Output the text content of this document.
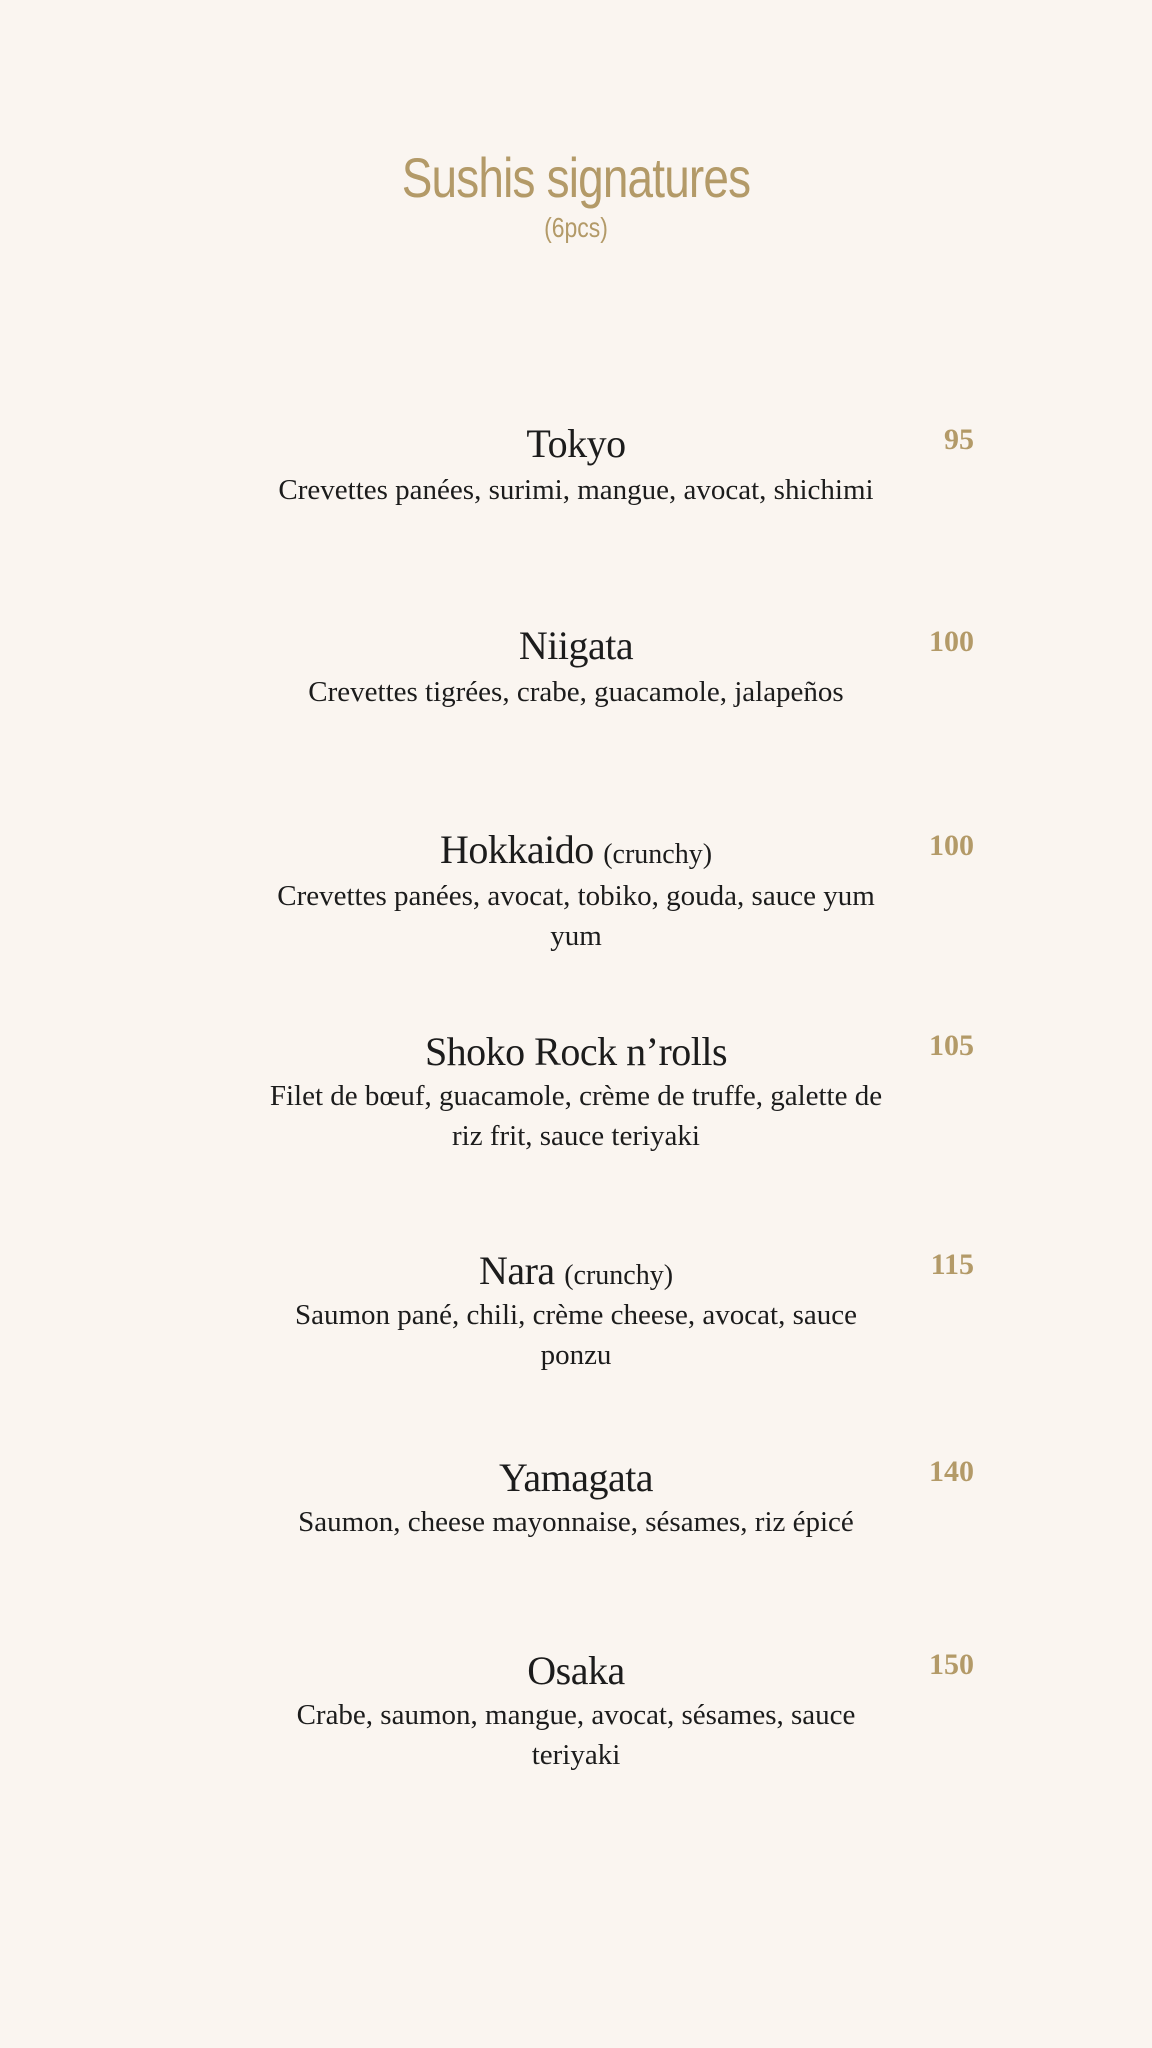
Sushis signatures
(6pcs)
Tokyo	95
Crevettes panées, surimi, mangue, avocat, shichimi
Niigata	100
Crevettes tigrées, crabe, guacamole, jalapeños
Hokkaido (crunchy)	100
Crevettes panées, avocat, tobiko, gouda, sauce yum yum
Shoko Rock n’rolls	105
Filet de bœuf, guacamole, crème de truffe, galette de riz frit, sauce teriyaki
Nara (crunchy)	115
Saumon pané, chili, crème cheese, avocat, sauce ponzu
Yamagata	140
Saumon, cheese mayonnaise, sésames, riz épicé
Osaka	150
Crabe, saumon, mangue, avocat, sésames, sauce teriyaki
